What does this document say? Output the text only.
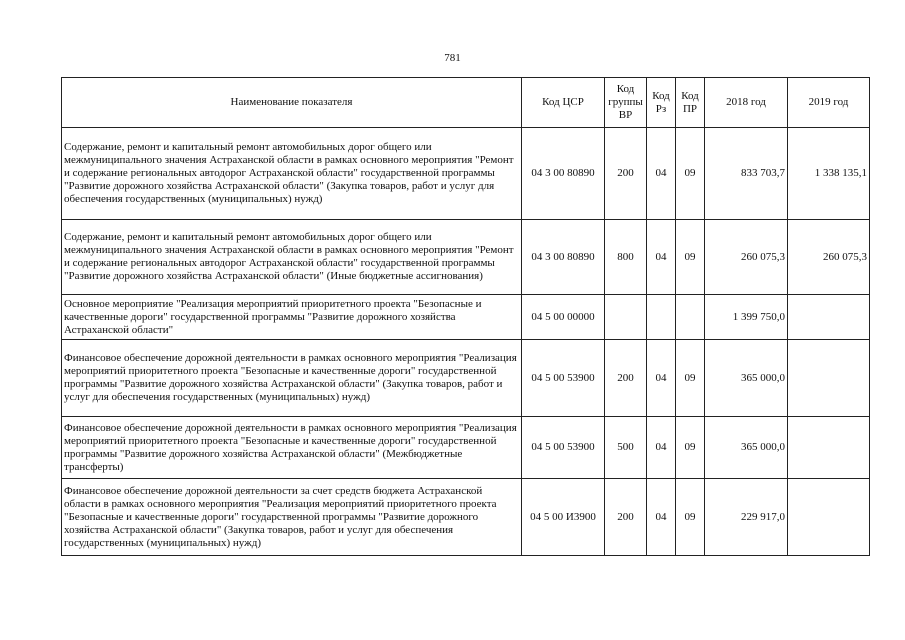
781
Наименование показателя	Код ЦСР	Код группы ВР	Код Рз	Код ПР	2018 год	2019 год
Содержание, ремонт и капитальный ремонт автомобильных дорог общего или межмуниципального значения Астраханской области в рамках основного мероприятия "Ремонт и содержание региональных автодорог Астраханской области" государственной программы "Развитие дорожного хозяйства Астраханской области" (Закупка товаров, работ и услуг для обеспечения государственных (муниципальных) нужд)	04 3 00 80890	200	04	09	833 703,7	1 338 135,1
Содержание, ремонт и капитальный ремонт автомобильных дорог общего или межмуниципального значения Астраханской области в рамках основного мероприятия "Ремонт и содержание региональных автодорог Астраханской области" государственной программы "Развитие дорожного хозяйства Астраханской области" (Иные бюджетные ассигнования)	04 3 00 80890	800	04	09	260 075,3	260 075,3
Основное мероприятие "Реализация мероприятий приоритетного проекта "Безопасные и качественные дороги" государственной программы "Развитие дорожного хозяйства Астраханской области"	04 5 00 00000				1 399 750,0	
Финансовое обеспечение дорожной деятельности в рамках основного мероприятия "Реализация мероприятий приоритетного проекта "Безопасные и качественные дороги" государственной программы "Развитие дорожного хозяйства Астраханской области" (Закупка товаров, работ и услуг для обеспечения государственных (муниципальных) нужд)	04 5 00 53900	200	04	09	365 000,0	
Финансовое обеспечение дорожной деятельности в рамках основного мероприятия "Реализация мероприятий приоритетного проекта "Безопасные и качественные дороги" государственной программы "Развитие дорожного хозяйства Астраханской области" (Межбюджетные трансферты)	04 5 00 53900	500	04	09	365 000,0	
Финансовое обеспечение дорожной деятельности за счет средств бюджета Астраханской области в рамках основного мероприятия "Реализация мероприятий приоритетного проекта "Безопасные и качественные дороги" государственной программы "Развитие дорожного хозяйства Астраханской области" (Закупка товаров, работ и услуг для обеспечения государственных (муниципальных) нужд)	04 5 00 И3900	200	04	09	229 917,0	
